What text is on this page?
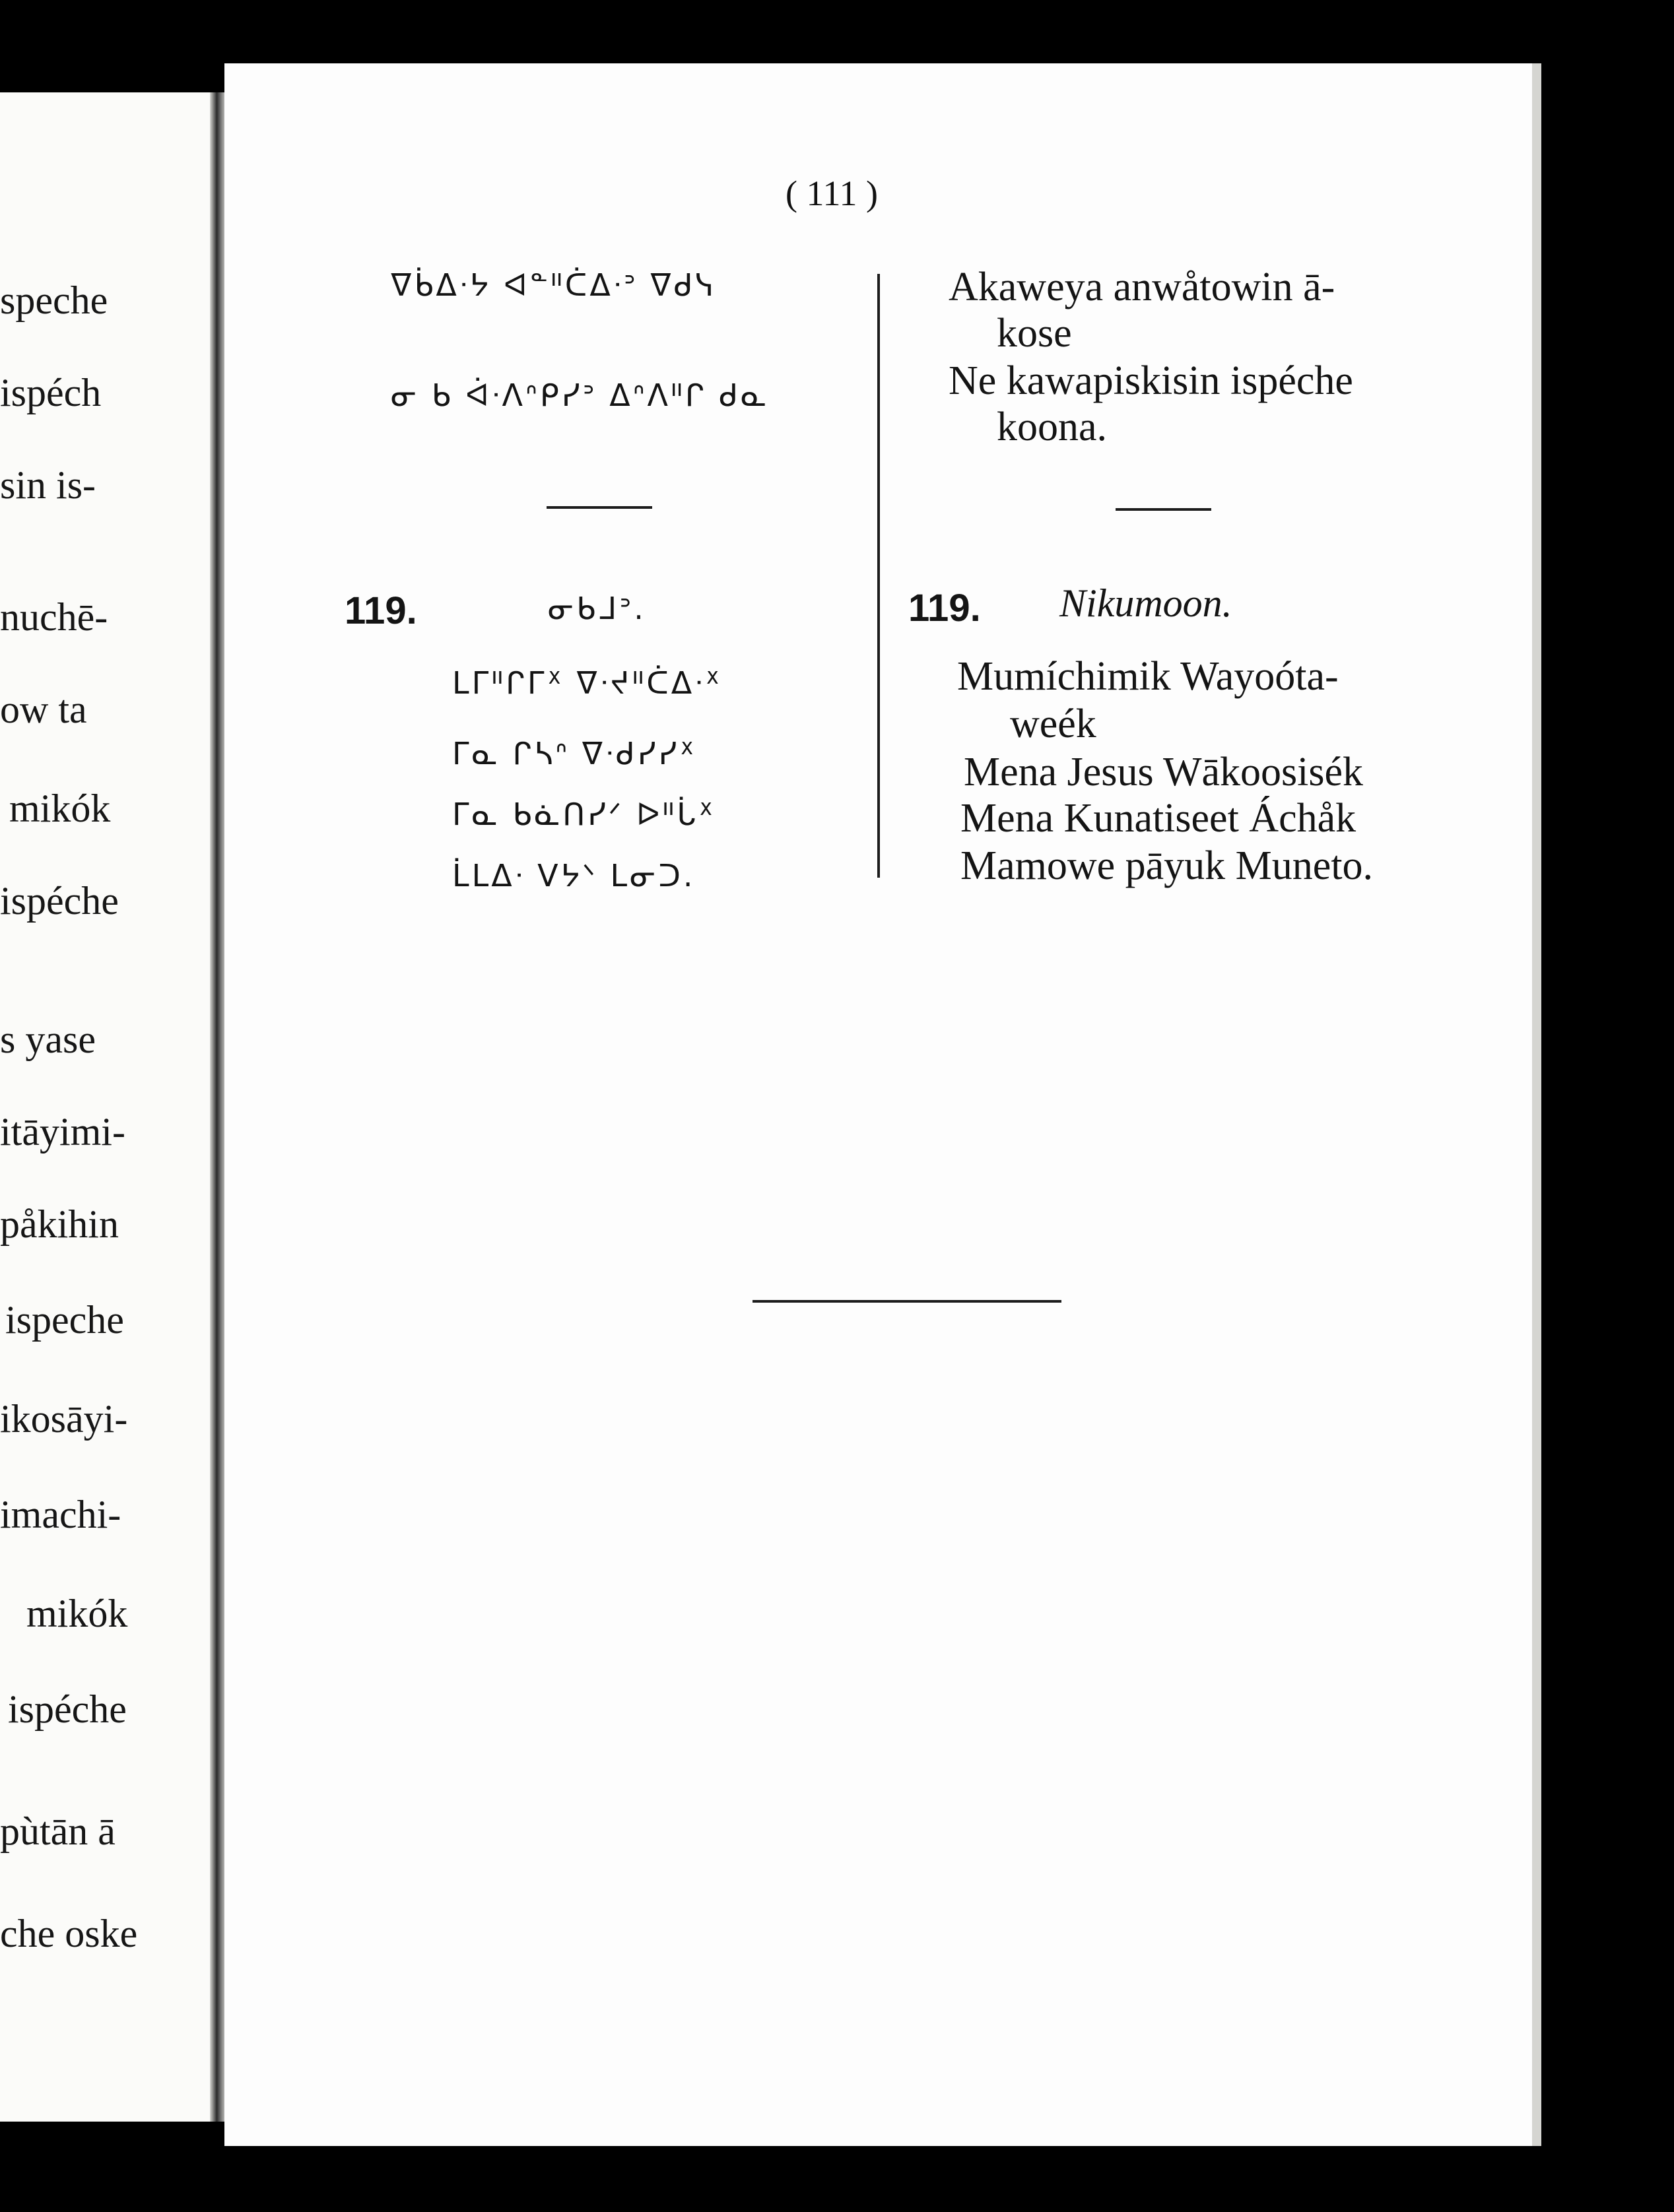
speche
ispéch
sin is-
nuchē-
ow ta
mikók
ispéche
s yase
itāyimi-
påkihin
ispeche
ikosāyi-
imachi-
mikók
ispéche
pùtān ā
che oske
( 111 )
ᐁᑳᐃᐧᔭ ᐊᓐᐦᑖᐃᐧᐣ ᐁᑯᓭ
ᓂ ᑲ ᐋᐧᐱᐢᑭᓯᐣ ᐃᐢᐱᐦᒋ ᑯᓇ
119.	ᓂᑲᒧᐣ.
ᒪᒥᐦᒋᒥᕽ ᐁᐧᔪᐦᑖᐃᐧᕽ
ᒥᓇ ᒋᓴᐢ ᐁᐧᑯᓯᓯᕽ
ᒥᓇ ᑲᓈᑎᓯᐟ ᐅᐦᒑᕽ
ᒫᒪᐃᐧ ᐯᔭᐠ ᒪᓂᑐ.
Akaweya anwåtowin ā-
kose
Ne kawapiskisin ispéche
koona.
119. Nikumoon.
Mumíchimik Wayoóta-
weék
Mena Jesus Wākoosisék
Mena Kunatiseet Áchåk
Mamowe pāyuk Muneto.
